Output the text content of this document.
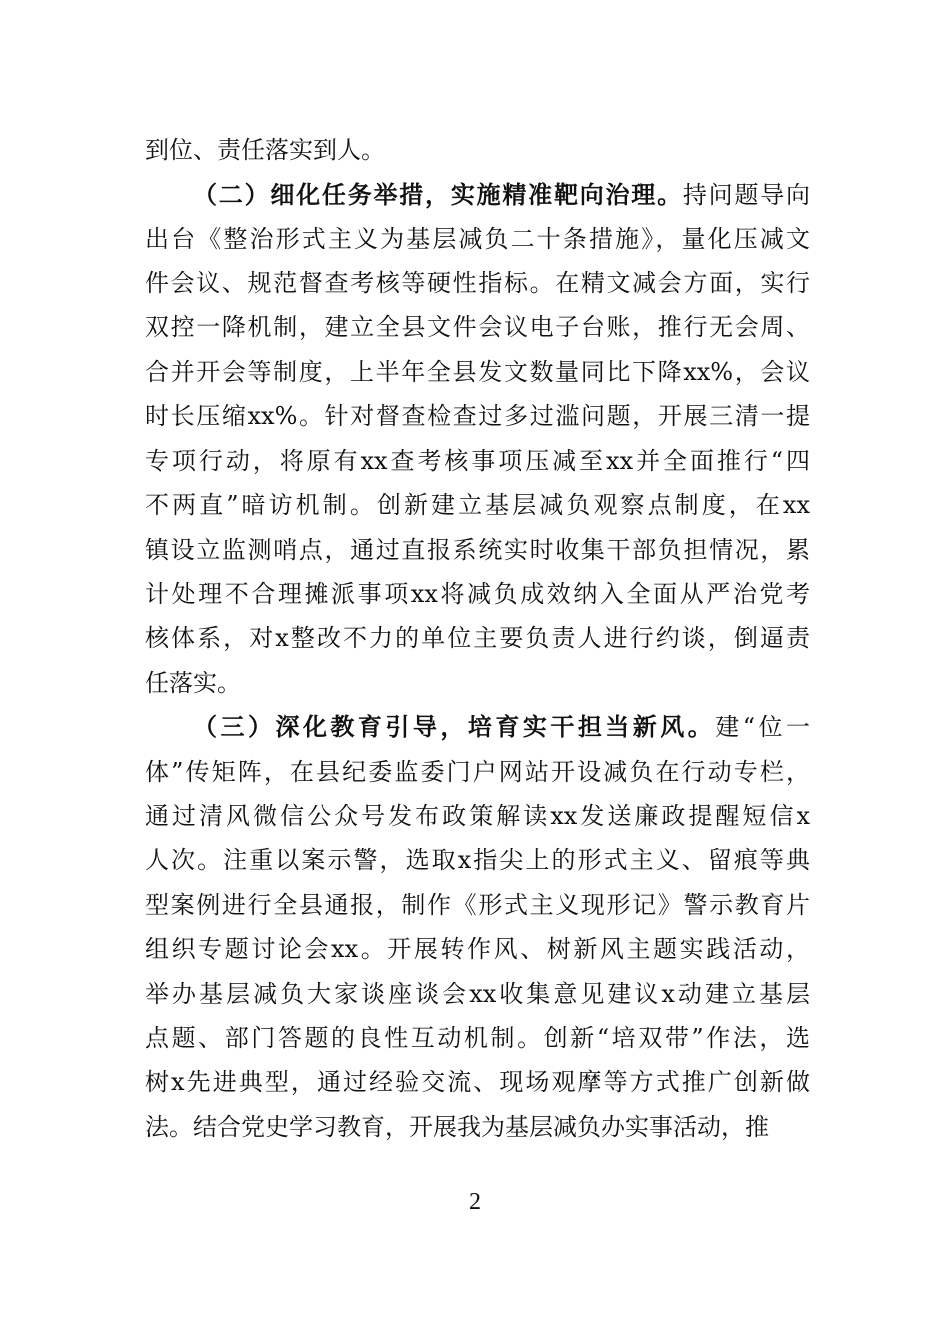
到位、责任落实到人。
（二）细化任务举措，实施精准靶向治理。持问题导向
出台《整治形式主义为基层减负二十条措施》，量化压减文
件会议、规范督查考核等硬性指标。在精文减会方面，实行
双控一降机制，建立全县文件会议电子台账，推行无会周、
合并开会等制度，上半年全县发文数量同比下降xx%，会议
时长压缩xx%。针对督查检查过多过滥问题，开展三清一提
专项行动，将原有xx查考核事项压减至xx并全面推行“四
不两直”暗访机制。创新建立基层减负观察点制度，在xx
镇设立监测哨点，通过直报系统实时收集干部负担情况，累
计处理不合理摊派事项xx将减负成效纳入全面从严治党考
核体系，对x整改不力的单位主要负责人进行约谈，倒逼责
任落实。
（三）深化教育引导，培育实干担当新风。建“位一
体”传矩阵，在县纪委监委门户网站开设减负在行动专栏，
通过清风微信公众号发布政策解读xx发送廉政提醒短信x
人次。注重以案示警，选取x指尖上的形式主义、留痕等典
型案例进行全县通报，制作《形式主义现形记》警示教育片
组织专题讨论会xx。开展转作风、树新风主题实践活动，
举办基层减负大家谈座谈会xx收集意见建议x动建立基层
点题、部门答题的良性互动机制。创新“培双带”作法，选
树x先进典型，通过经验交流、现场观摩等方式推广创新做
法。结合党史学习教育，开展我为基层减负办实事活动，推
2
